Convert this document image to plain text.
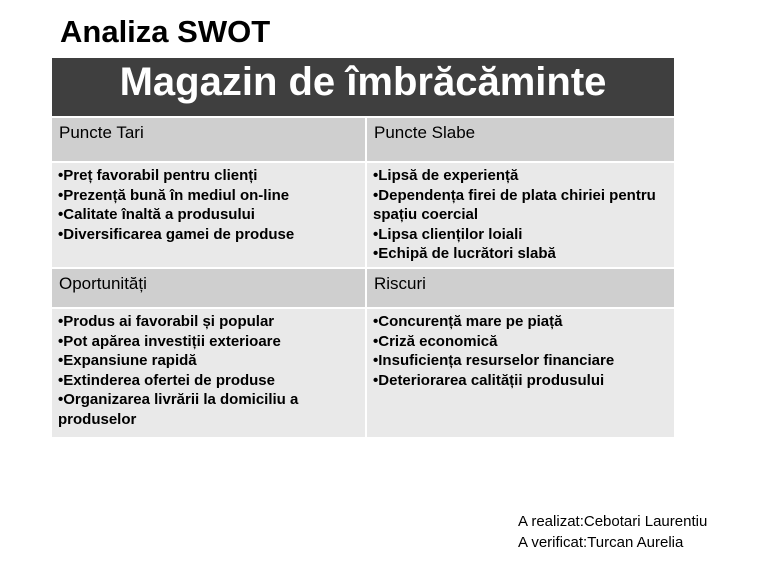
Analiza SWOT
Magazin de îmbrăcăminte
Puncte Tari	Puncte Slabe
•Preț favorabil pentru clienți
•Prezență bună în mediul on-line
•Calitate înaltă a produsului
•Diversificarea gamei de produse
•Lipsă de experiență
•Dependența firei de plata chiriei pentru spațiu coercial
•Lipsa clienților loiali
•Echipă de lucrători slabă
Oportunități	Riscuri
•Produs ai favorabil și popular
•Pot apărea investiții exterioare
•Expansiune rapidă
•Extinderea ofertei de produse
•Organizarea livrării la domiciliu a produselor
•Concurență mare pe piață
•Criză economică
•Insuficiența resurselor financiare
•Deteriorarea calității produsului
A realizat:Cebotari Laurentiu
A verificat:Turcan Aurelia
